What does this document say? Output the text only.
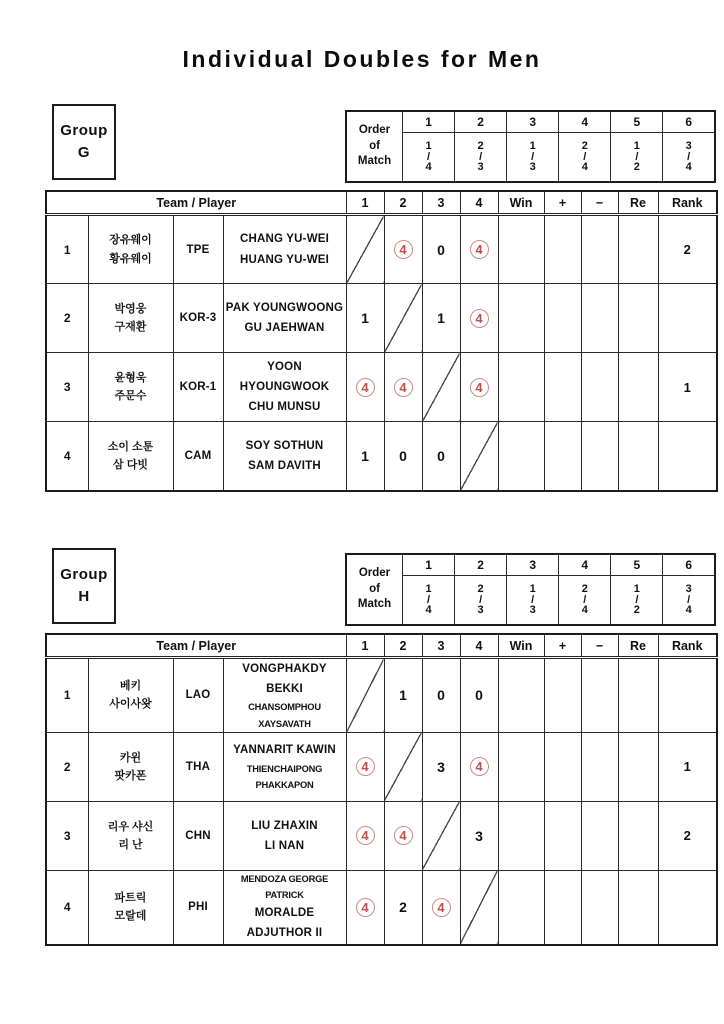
Individual Doubles for Men
Group
G
Order
of
Match	1	2	3	4	5	6

1
/
4

2
/
3

1
/
3

2
/
4

1
/
2

3
/
4
Team / Player				1	2	3	4	Win	+	−	Re	Rank
1	
장유웨이
황유웨이
	TPE	
CHANG YU-WEI
HUANG YU-WEI
		4	0	4					2
2	
박영웅
구재환
	KOR-3	
PAK YOUNGWOONG
GU JAEHWAN
	1		1	4					
3	
윤형욱
주문수
	KOR-1	
YOON HYOUNGWOOK
CHU MUNSU
	4	4		4					1
4	
소이 소툰
삼 다빗
	CAM	
SOY SOTHUN
SAM DAVITH
	1	0	0						
Group
H
Order
of
Match	1	2	3	4	5	6

1
/
4

2
/
3

1
/
3

2
/
4

1
/
2

3
/
4
Team / Player				1	2	3	4	Win	+	−	Re	Rank
1	
베키
사이사왓
	LAO	
VONGPHAKDY BEKKI
CHANSOMPHOU XAYSAVATH
		1	0	0					
2	
카윈
팟카폰
	THA	
YANNARIT KAWIN
THIENCHAIPONG PHAKKAPON
	4		3	4					1
3	
리우 샤신
리 난
	CHN	
LIU ZHAXIN
LI NAN
	4	4		3					2
4	
파트릭
모랄데
	PHI	
MENDOZA GEORGE PATRICK
MORALDE ADJUTHOR II
	4	2	4						
